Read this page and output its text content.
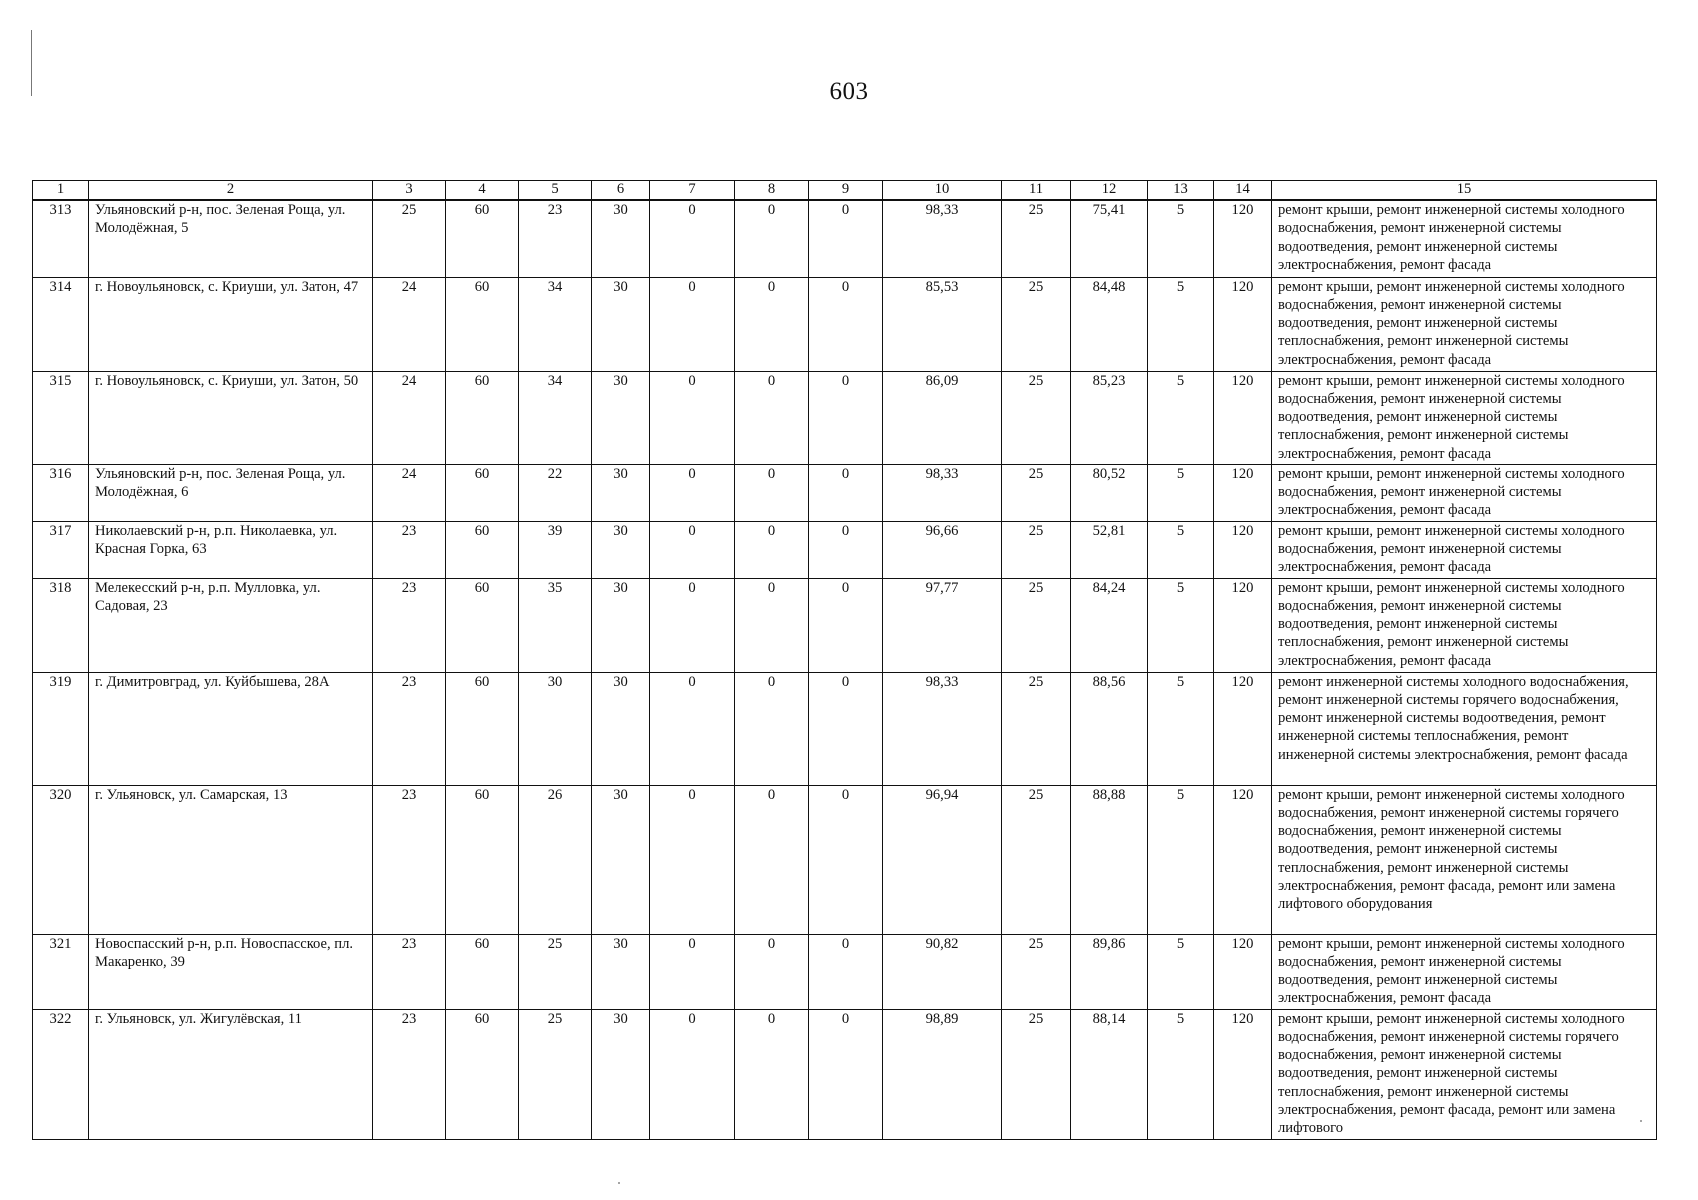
603
1	2	3	4	5	6	7	8	9	10	11	12	13	14	15
313	Ульяновский р-н, пос. Зеленая Роща, ул. Молодёжная, 5	25	60	23	30	0	0	0	98,33	25	75,41	5	120	ремонт крыши, ремонт инженерной системы холодного водоснабжения, ремонт инженерной системы водоотведения, ремонт инженерной системы электроснабжения, ремонт фасада
314	г. Новоульяновск, с. Криуши, ул. Затон, 47	24	60	34	30	0	0	0	85,53	25	84,48	5	120	ремонт крыши, ремонт инженерной системы холодного водоснабжения, ремонт инженерной системы водоотведения, ремонт инженерной системы теплоснабжения, ремонт инженерной системы электроснабжения, ремонт фасада
315	г. Новоульяновск, с. Криуши, ул. Затон, 50	24	60	34	30	0	0	0	86,09	25	85,23	5	120	ремонт крыши, ремонт инженерной системы холодного водоснабжения, ремонт инженерной системы водоотведения, ремонт инженерной системы теплоснабжения, ремонт инженерной системы электроснабжения, ремонт фасада
316	Ульяновский р-н, пос. Зеленая Роща, ул. Молодёжная, 6	24	60	22	30	0	0	0	98,33	25	80,52	5	120	ремонт крыши, ремонт инженерной системы холодного водоснабжения, ремонт инженерной системы электроснабжения, ремонт фасада
317	Николаевский р-н, р.п. Николаевка, ул. Красная Горка, 63	23	60	39	30	0	0	0	96,66	25	52,81	5	120	ремонт крыши, ремонт инженерной системы холодного водоснабжения, ремонт инженерной системы электроснабжения, ремонт фасада
318	Мелекесский р-н, р.п. Мулловка, ул. Садовая, 23	23	60	35	30	0	0	0	97,77	25	84,24	5	120	ремонт крыши, ремонт инженерной системы холодного водоснабжения, ремонт инженерной системы водоотведения, ремонт инженерной системы теплоснабжения, ремонт инженерной системы электроснабжения, ремонт фасада
319	г. Димитровград, ул. Куйбышева, 28А	23	60	30	30	0	0	0	98,33	25	88,56	5	120	ремонт инженерной системы холодного водоснабжения, ремонт инженерной системы горячего водоснабжения, ремонт инженерной системы водоотведения, ремонт инженерной системы теплоснабжения, ремонт инженерной системы электроснабжения, ремонт фасада
320	г. Ульяновск, ул. Самарская, 13	23	60	26	30	0	0	0	96,94	25	88,88	5	120	ремонт крыши, ремонт инженерной системы холодного водоснабжения, ремонт инженерной системы горячего водоснабжения, ремонт инженерной системы водоотведения, ремонт инженерной системы теплоснабжения, ремонт инженерной системы электроснабжения, ремонт фасада, ремонт или замена лифтового оборудования
321	Новоспасский р-н, р.п. Новоспасское, пл. Макаренко, 39	23	60	25	30	0	0	0	90,82	25	89,86	5	120	ремонт крыши, ремонт инженерной системы холодного водоснабжения, ремонт инженерной системы водоотведения, ремонт инженерной системы электроснабжения, ремонт фасада
322	г. Ульяновск, ул. Жигулёвская, 11	23	60	25	30	0	0	0	98,89	25	88,14	5	120	ремонт крыши, ремонт инженерной системы холодного водоснабжения, ремонт инженерной системы горячего водоснабжения, ремонт инженерной системы водоотведения, ремонт инженерной системы теплоснабжения, ремонт инженерной системы электроснабжения, ремонт фасада, ремонт или замена лифтового
